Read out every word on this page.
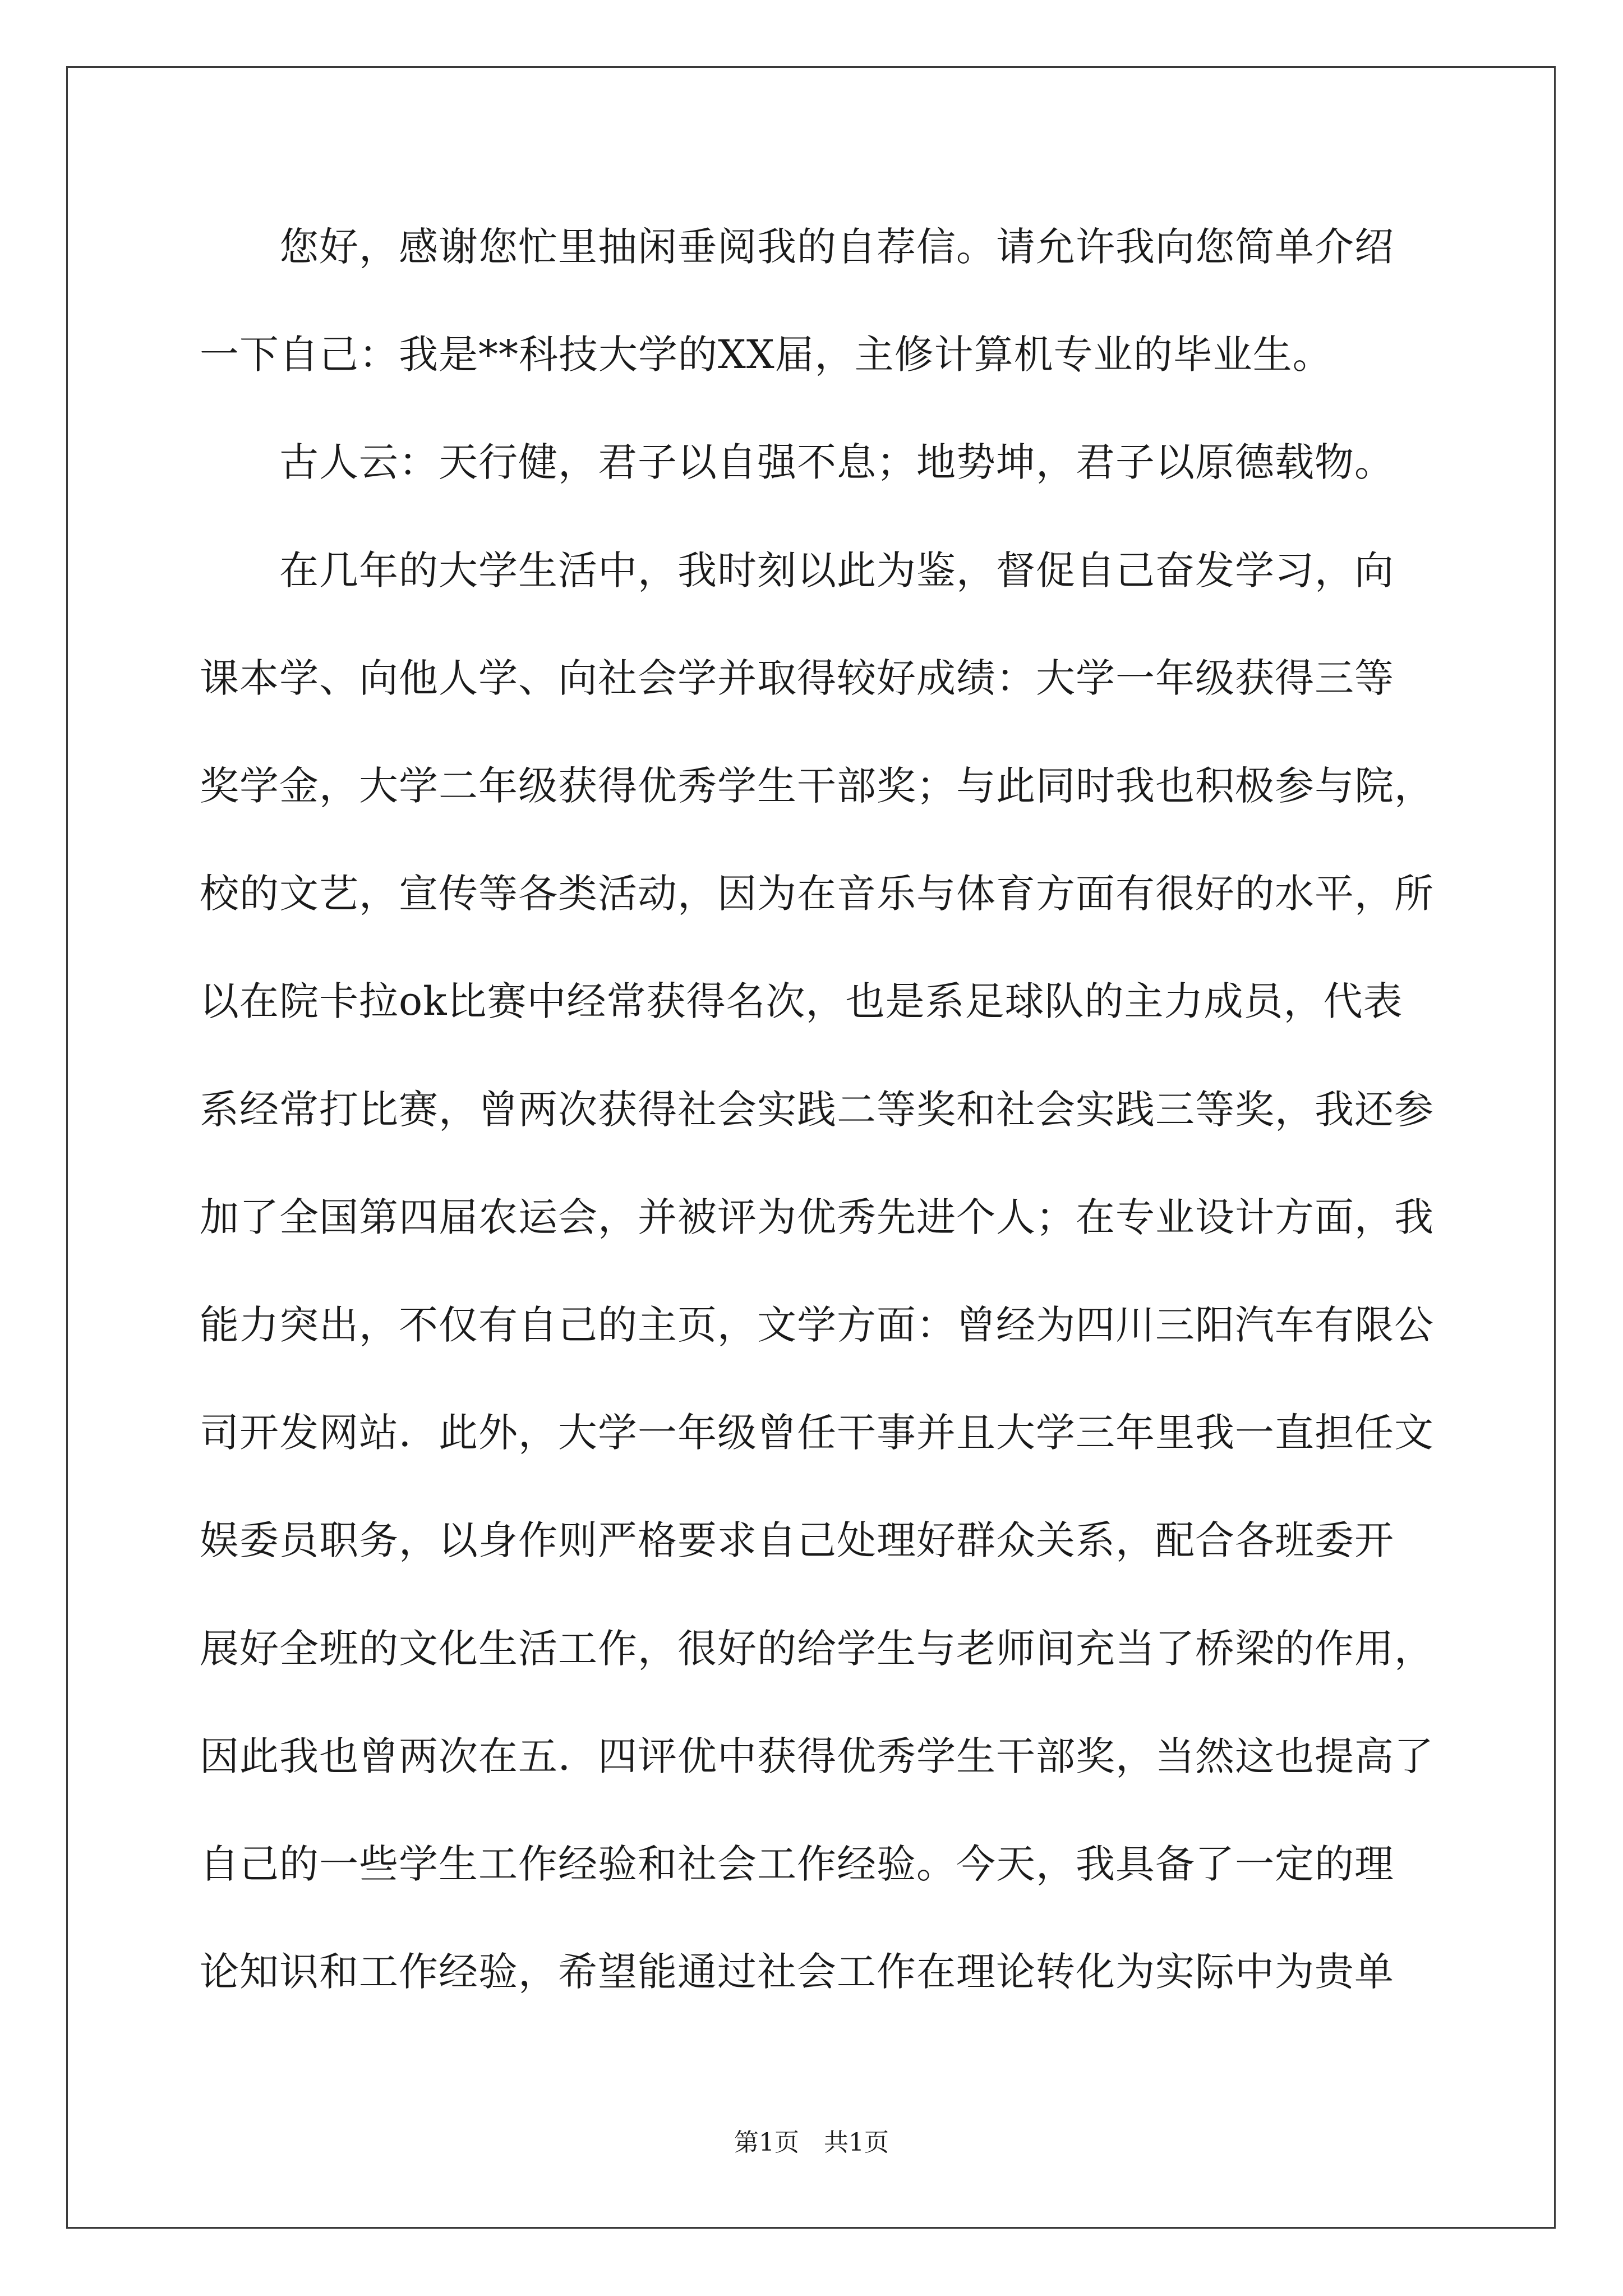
　　您好，感谢您忙里抽闲垂阅我的自荐信。请允许我向您简单介绍
一下自己：我是**科技大学的XX届，主修计算机专业的毕业生。
　　古人云：天行健，君子以自强不息；地势坤，君子以原德载物。
　　在几年的大学生活中，我时刻以此为鉴，督促自己奋发学习，向
课本学、向他人学、向社会学并取得较好成绩：大学一年级获得三等
奖学金，大学二年级获得优秀学生干部奖；与此同时我也积极参与院，
校的文艺，宣传等各类活动，因为在音乐与体育方面有很好的水平，所
以在院卡拉ok比赛中经常获得名次，也是系足球队的主力成员，代表
系经常打比赛，曾两次获得社会实践二等奖和社会实践三等奖，我还参
加了全国第四届农运会，并被评为优秀先进个人；在专业设计方面，我
能力突出，不仅有自己的主页，文学方面：曾经为四川三阳汽车有限公
司开发网站．此外，大学一年级曾任干事并且大学三年里我一直担任文
娱委员职务，以身作则严格要求自己处理好群众关系，配合各班委开
展好全班的文化生活工作，很好的给学生与老师间充当了桥梁的作用，
因此我也曾两次在五．四评优中获得优秀学生干部奖，当然这也提高了
自己的一些学生工作经验和社会工作经验。今天，我具备了一定的理
论知识和工作经验，希望能通过社会工作在理论转化为实际中为贵单
第1页　共1页
